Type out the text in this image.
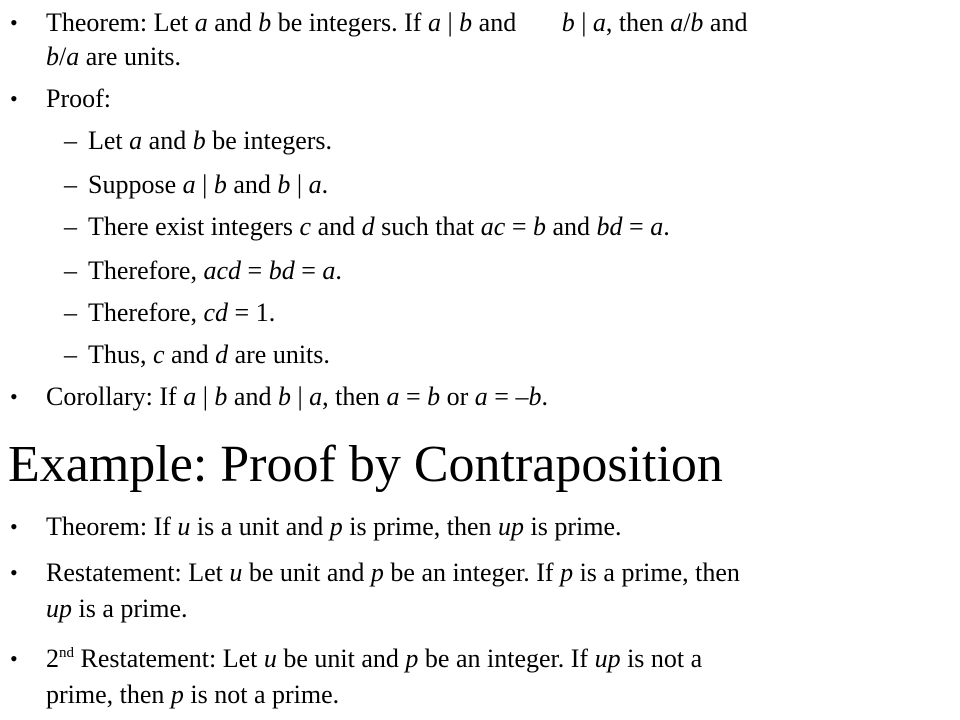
• Theorem: Let a and b be integers. If a | b and       b | a, then a/b and
b/a are units.
• Proof:
– Let a and b be integers.
– Suppose a | b and b | a.
– There exist integers c and d such that ac = b and bd = a.
– Therefore, acd = bd = a.
– Therefore, cd = 1.
– Thus, c and d are units.
• Corollary: If a | b and b | a, then a = b or a = –b.
Example: Proof by Contraposition
• Theorem: If u is a unit and p is prime, then up is prime.
• Restatement: Let u be unit and p be an integer. If p is a prime, then
up is a prime.
• 2nd Restatement: Let u be unit and p be an integer. If up is not a
prime, then p is not a prime.
